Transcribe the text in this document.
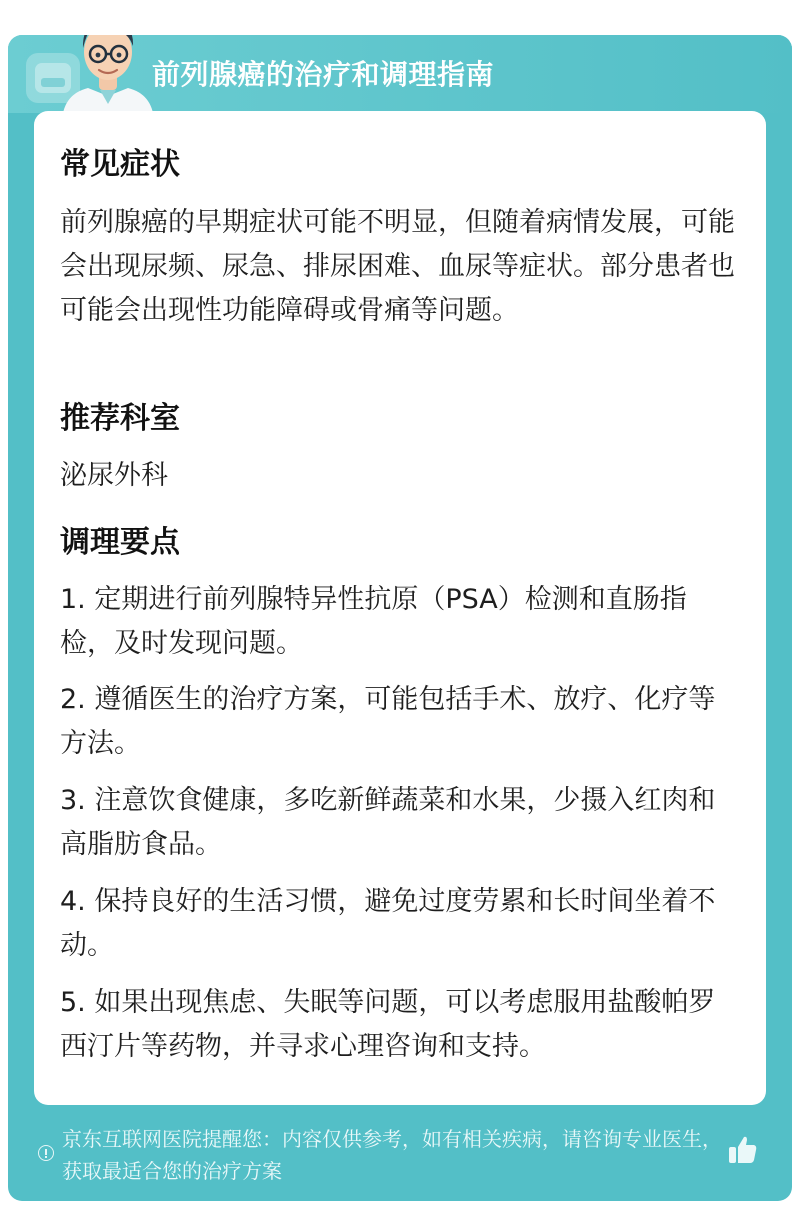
前列腺癌的治疗和调理指南
常见症状

前列腺癌的早期症状可能不明显，但随着病情发展，可能会出现尿频、尿急、排尿困难、血尿等症状。部分患者也可能会出现性功能障碍或骨痛等问题。

推荐科室

泌尿外科

调理要点

1. 定期进行前列腺特异性抗原（PSA）检测和直肠指检，及时发现问题。

2. 遵循医生的治疗方案，可能包括手术、放疗、化疗等方法。

3. 注意饮食健康，多吃新鲜蔬菜和水果，少摄入红肉和高脂肪食品。

4. 保持良好的生活习惯，避免过度劳累和长时间坐着不动。

5. 如果出现焦虑、失眠等问题，可以考虑服用盐酸帕罗西汀片等药物，并寻求心理咨询和支持。

京东互联网医院提醒您：内容仅供参考，如有相关疾病，请咨询专业医生，获取最适合您的治疗方案
